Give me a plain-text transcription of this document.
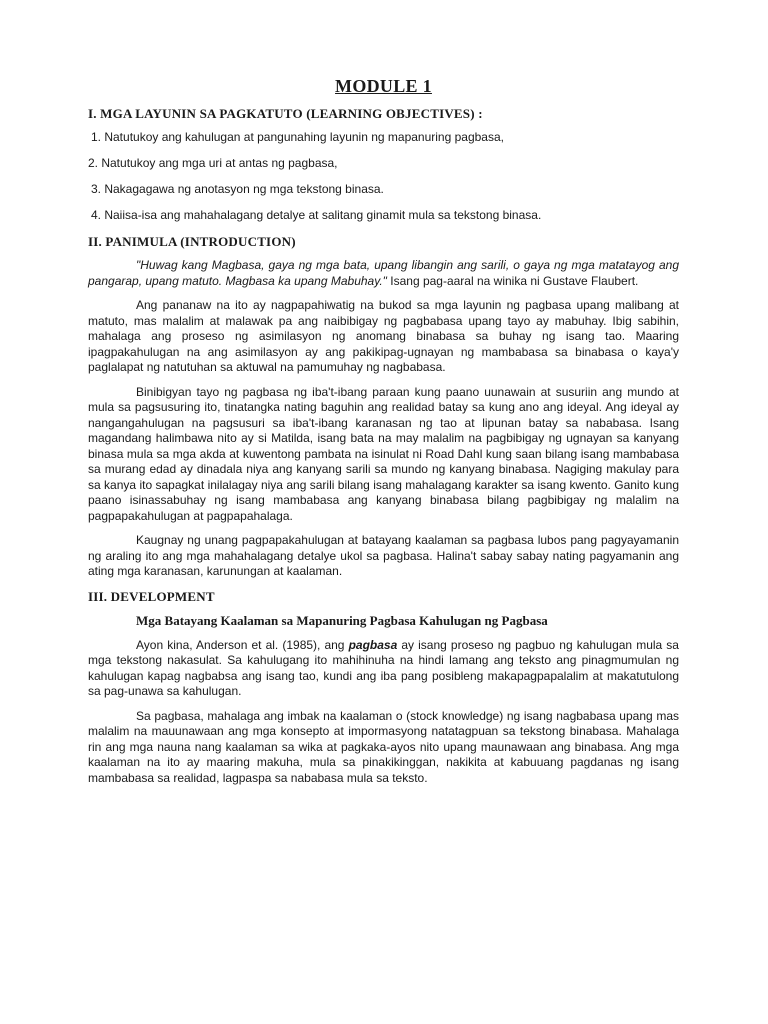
MODULE 1
I. MGA LAYUNIN SA PAGKATUTO (LEARNING OBJECTIVES) :
1. Natutukoy ang kahulugan at pangunahing layunin ng mapanuring pagbasa,
2. Natutukoy ang mga uri at antas ng pagbasa,
3. Nakagagawa ng anotasyon ng mga tekstong binasa.
4. Naiisa-isa ang mahahalagang detalye at salitang ginamit mula sa tekstong binasa.
II. PANIMULA (INTRODUCTION)

"Huwag kang Magbasa, gaya ng mga bata, upang libangin ang sarili, o gaya ng mga matatayog ang pangarap, upang matuto. Magbasa ka upang Mabuhay." Isang pag-aaral na winika ni Gustave Flaubert.

Ang pananaw na ito ay nagpapahiwatig na bukod sa mga layunin ng pagbasa upang malibang at matuto, mas malalim at malawak pa ang naibibigay ng pagbabasa upang tayo ay mabuhay. Ibig sabihin, mahalaga ang proseso ng asimilasyon ng anomang binabasa sa buhay ng isang tao. Maaring ipagpakahulugan na ang asimilasyon ay ang pakikipag-ugnayan ng mambabasa sa binabasa o kaya'y paglalapat ng natutuhan sa aktuwal na pamumuhay ng nagbabasa.

Binibigyan tayo ng pagbasa ng iba't-ibang paraan kung paano uunawain at susuriin ang mundo at mula sa pagsusuring ito, tinatangka nating baguhin ang realidad batay sa kung ano ang ideyal. Ang ideyal ay nangangahulugan na pagsusuri sa iba't-ibang karanasan ng tao at lipunan batay sa nababasa. Isang magandang halimbawa nito ay si Matilda, isang bata na may malalim na pagbibigay ng ugnayan sa kanyang binasa mula sa mga akda at kuwentong pambata na isinulat ni Road Dahl kung saan bilang isang mambabasa sa murang edad ay dinadala niya ang kanyang sarili sa mundo ng kanyang binabasa. Nagiging makulay para sa kanya ito sapagkat inilalagay niya ang sarili bilang isang mahalagang karakter sa isang kwento. Ganito kung paano isinassabuhay ng isang mambabasa ang kanyang binabasa bilang pagbibigay ng malalim na pagpapakahulugan at pagpapahalaga.

Kaugnay ng unang pagpapakahulugan at batayang kaalaman sa pagbasa lubos pang pagyayamanin ng araling ito ang mga mahahalagang detalye ukol sa pagbasa. Halina't sabay sabay nating pagyamanin ang ating mga karanasan, karunungan at kaalaman.

III. DEVELOPMENT
Mga Batayang Kaalaman sa Mapanuring Pagbasa Kahulugan ng Pagbasa

Ayon kina, Anderson et al. (1985), ang pagbasa ay isang proseso ng pagbuo ng kahulugan mula sa mga tekstong nakasulat. Sa kahulugang ito mahihinuha na hindi lamang ang teksto ang pinagmumulan ng kahulugan kapag nagbabsa ang isang tao, kundi ang iba pang posibleng makapagpapalalim at makatutulong sa pag-unawa sa kahulugan.

Sa pagbasa, mahalaga ang imbak na kaalaman o (stock knowledge) ng isang nagbabasa upang mas malalim na mauunawaan ang mga konsepto at impormasyong natatagpuan sa tekstong binabasa. Mahalaga rin ang mga nauna nang kaalaman sa wika at pagkaka-ayos nito upang maunawaan ang binabasa. Ang mga kaalaman na ito ay maaring makuha, mula sa pinakikinggan, nakikita at kabuuang pagdanas ng isang mambabasa sa realidad, lagpaspa sa nababasa mula sa teksto.
